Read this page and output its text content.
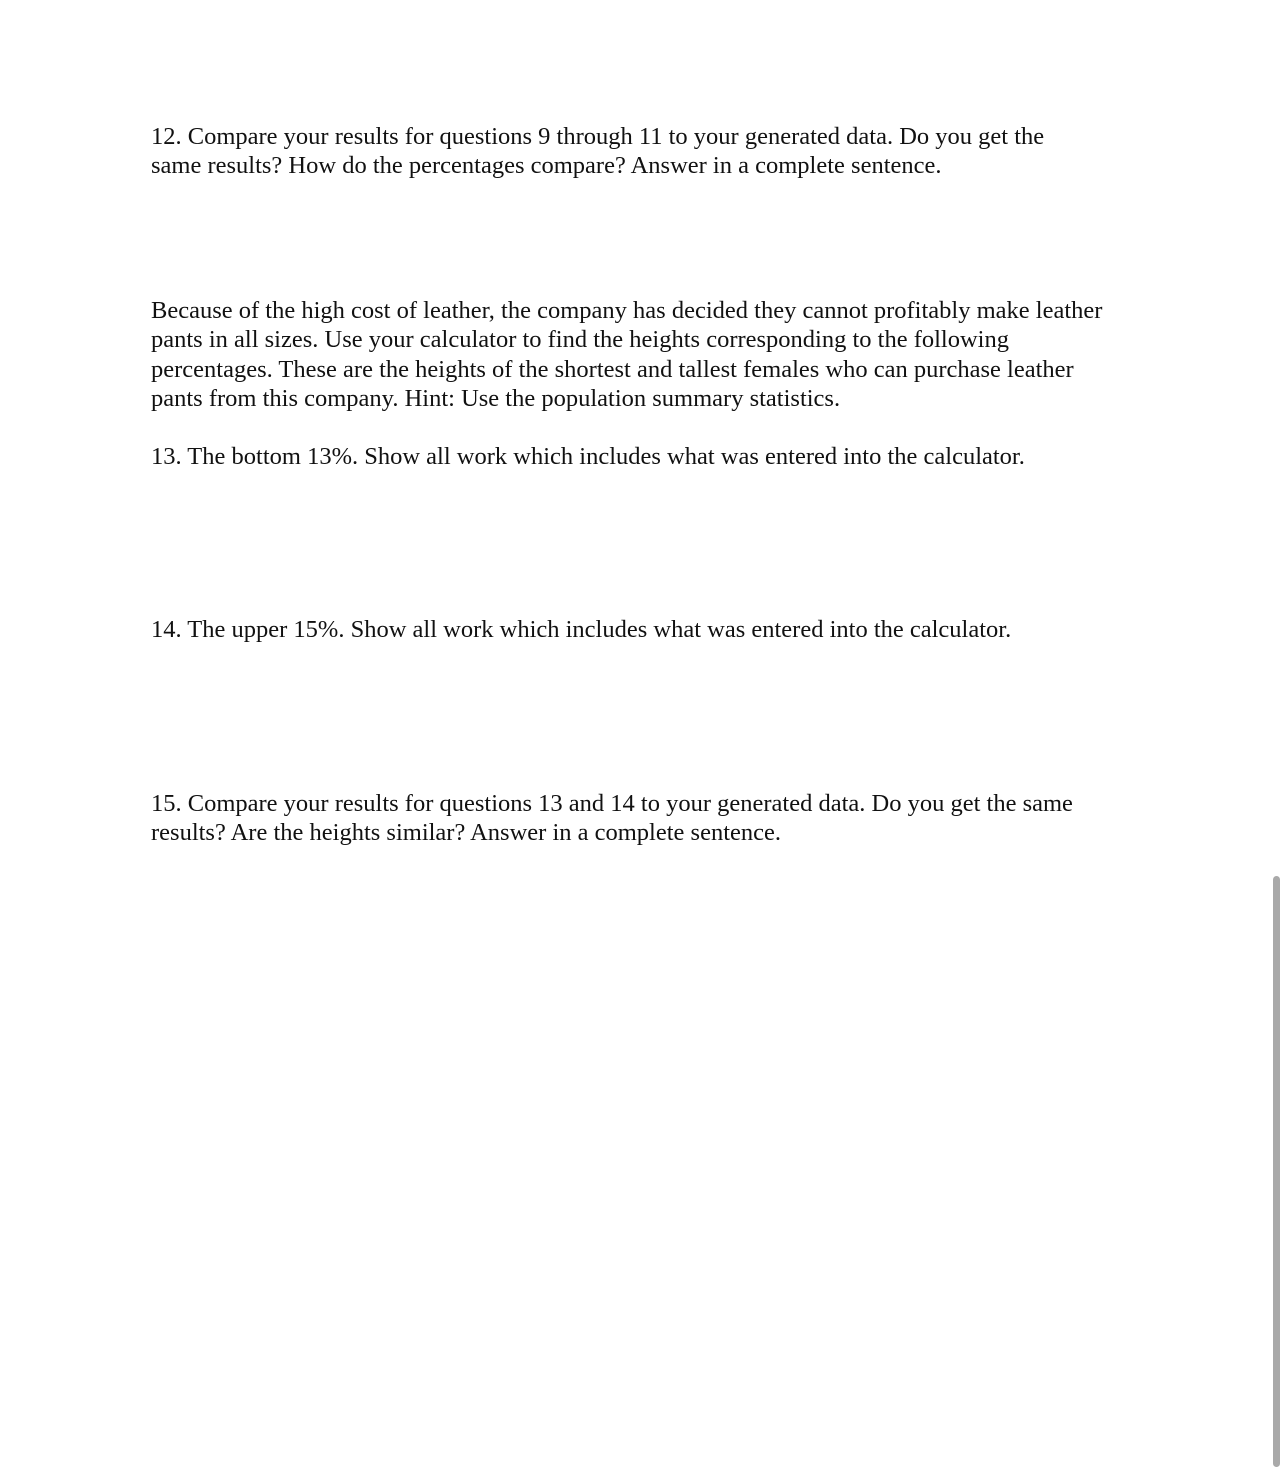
12. Compare your results for questions 9 through 11 to your generated data. Do you get the
same results? How do the percentages compare? Answer in a complete sentence.
Because of the high cost of leather, the company has decided they cannot profitably make leather
pants in all sizes. Use your calculator to find the heights corresponding to the following
percentages. These are the heights of the shortest and tallest females who can purchase leather
pants from this company. Hint: Use the population summary statistics.
13. The bottom 13%. Show all work which includes what was entered into the calculator.
14. The upper 15%. Show all work which includes what was entered into the calculator.
15. Compare your results for questions 13 and 14 to your generated data. Do you get the same
results? Are the heights similar? Answer in a complete sentence.
